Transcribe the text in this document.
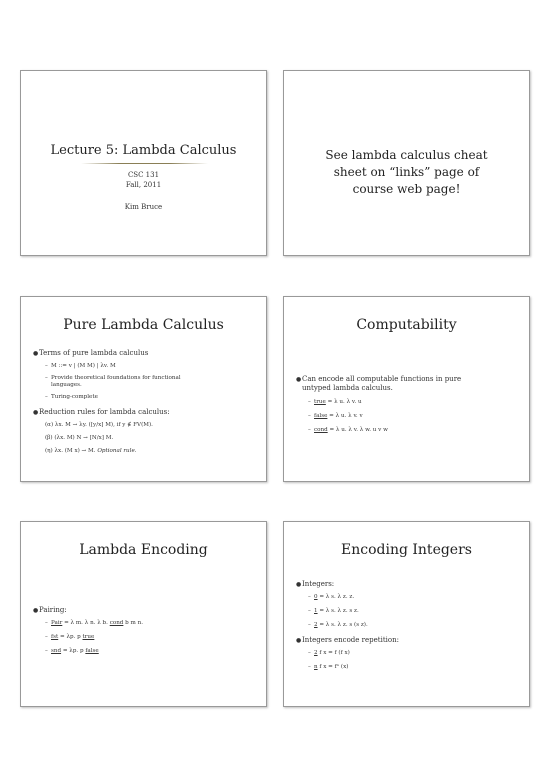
Lecture 5: Lambda Calculus
CSC 131
Fall, 2011
Kim Bruce
See lambda calculus cheat
sheet on “links” page of
course web page!
Pure Lambda Calculus
●Terms of pure lambda calculus
– M ::= v | (M M) | λv. M
– Provide theoretical foundations for functional
languages.
– Turing-complete
●Reduction rules for lambda calculus:
(α) λx. M → λy. ([y/x] M), if y ∉ FV(M).
(β) (λx. M) N → [N/x] M.
(η) λx. (M x) → M. Optional rule.
Computability
●Can encode all computable functions in pure
untyped lambda calculus.
– true = λ u. λ v. u
– false = λ u. λ v. v
– cond = λ u. λ v. λ w. u v w
Lambda Encoding
●Pairing:
– Pair = λ m. λ n. λ b. cond b m n.
– fst = λp. p true
– snd = λp. p false
Encoding Integers
●Integers:
– 0 = λ s. λ z. z.
– 1 = λ s. λ z. s z.
– 2 = λ s. λ z. s (s z).
●Integers encode repetition:
– 2 f x = f (f x)
– n f x = fⁿ (x)
